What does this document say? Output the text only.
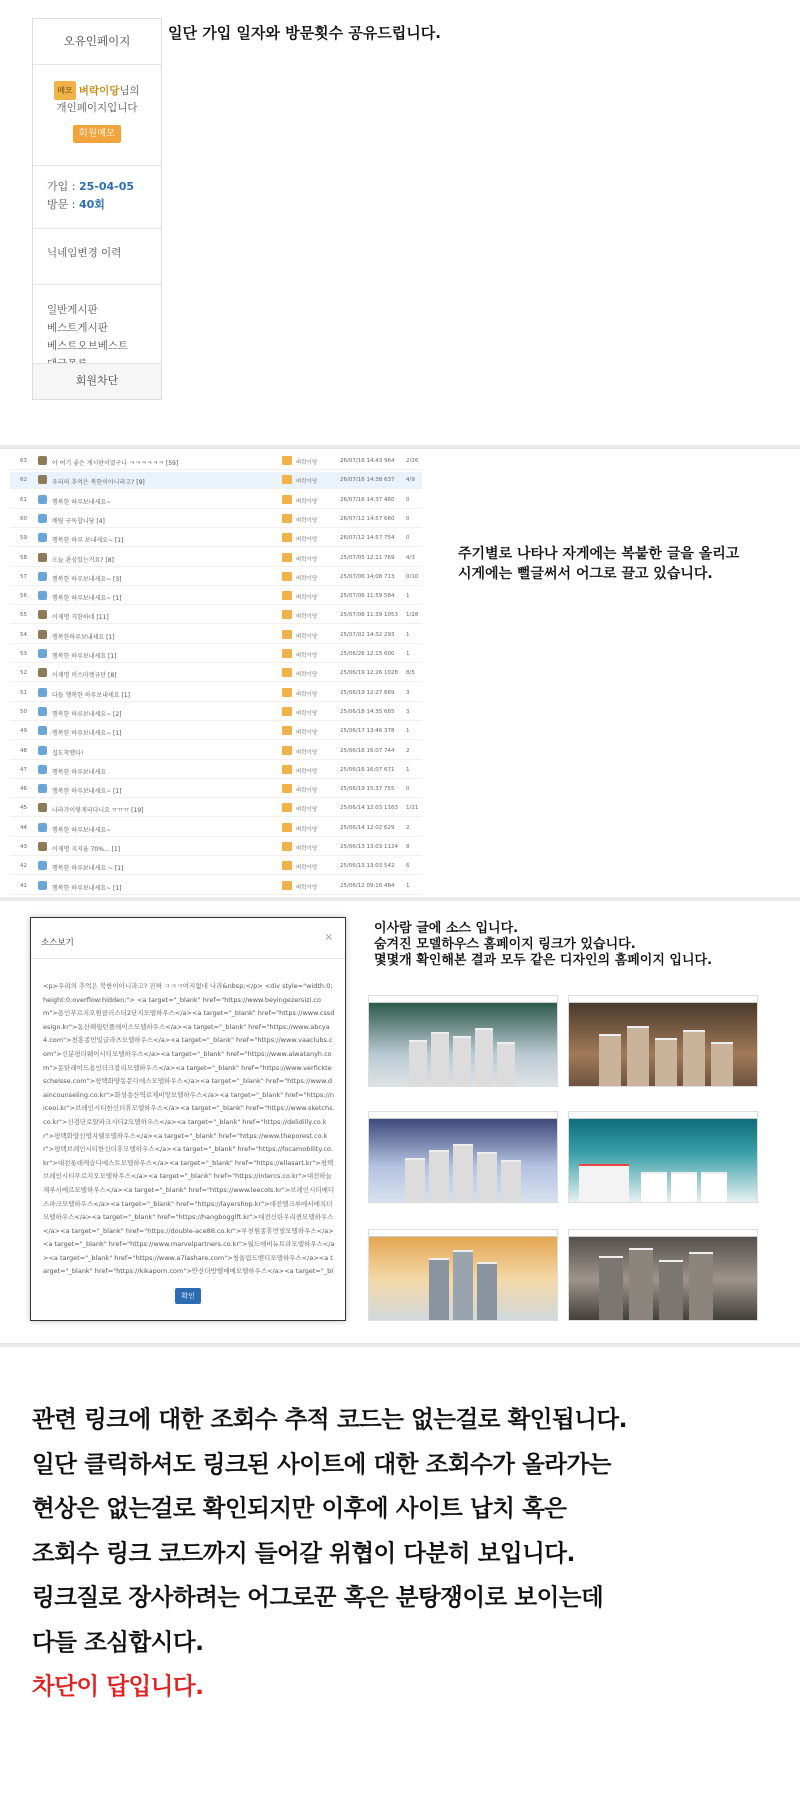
오유인페이지
메모 벼락이당님의
개인페이지입니다
회원메모
가입 : 25-04-05
방문 : 40회
닉네임변경 이력
일반게시판
베스트게시판
베스트오브베스트
회원차단
일단 가입 일자와 방문횟수 공유드립니다.
63	아 여기 좋은 게시판이였구나 ㅋㅋㅋㅋㅋㅋ [59]	벼락이당	26/07/16 14:43 964 2/26
62	우리의 추억은 북한이아니라고? [9]	벼락이당	26/07/16 14:38 637 4/9
61	행복한 하루보내세요~	벼락이당	26/07/16 14:37 460 0
60	배팀 구독합니당 [4]	벼락이당	26/07/12 14:57 660 0
59	행복한 하루 보내세요~ [1]	벼락이당	26/07/12 14:57 754 0
58	오늘 관심있는거요? [8]	벼락이당	25/07/05 12:11 769 4/3
57	행복한 하루보내세요~ [3]	벼락이당	25/07/06 14:08 713 0/10
56	행복한 하루보내세요~ [1]	벼락이당	25/07/06 11:59 584 1
55	이재명 거한하네 [11]	벼락이당	25/07/06 11:39 1053 1/28
54	행복한하루보내세요 [1]	벼락이당	25/07/02 14:32 293 1
53	행복한 하루보내세요 [1]	벼락이당	25/06/26 12:15 600 1
52	이재명 미스마켓규탄 [8]	벼락이당	25/06/19 12:26 1028 8/5
51	다들 행복한 하루보내세요 [1]	벼락이당	25/06/19 12:27 669 3
50	행복한 하루보내세요~ [2]	벼락이당	25/06/18 14:35 665 3
49	행복한 하루보내세요~ [1]	벼락이당	25/06/17 13:46 378 1
48	집도착했다!	벼락이당	25/06/16 16:07 744 2
47	행복한 하루보내세요	벼락이당	25/06/16 16:07 671 1
46	행복한 하루보내세요~ [1]	벼락이당	25/06/19 15:37 755 0
45	나라가이렇게되다니요 ㅠㅠㅠ [19]	벼락이당	25/06/14 12:03 1163 1/21
44	행복한 하루보내세요~	벼락이당	25/06/14 12:02 629 2
43	이재명 지지율 70%... [1]	벼락이당	25/06/13 13:03 1124 8
42	행복한 하루보내세요 ~ [1]	벼락이당	25/06/13 13:03 542 6
41	행복한 하루보내세요~ [1]	벼락이당	25/06/12 09:16 484 1
주기별로 나타나 자게에는 복붙한 글을 올리고
시게에는 뻘글써서 어그로 끌고 있습니다.
소스보기	×
<p>우리의 추억은 북한이아니라고? 진짜 ㅋㅋㅋ여지없네 나라&nbsp;</p> <div style="width:0;height:0;overflow:hidden;"> <a target="_blank" href="https://www.beyingezersizi.com">용인푸르지오원클러스터2단지모델하우스</a><a target="_blank" href="https://www.cssdesign.kr">동산해링턴플레이스모델하우스</a><a target="_blank" href="https://www.abcya4.com">천홍종민밀글라츠모델하우스</a><a target="_blank" href="https://www.vaaclubs.com">신분평더웨이시티모델하우스</a><a target="_blank" href="https://www.alwatanyh.com">동탄레이드용인더크블리모델하우스</a><a target="_blank" href="https://www.verfickteschelsse.com">평택화양동문디에스모델하우스</a><a target="_blank" href="https://www.daincounseling.co.kr">화성송산역로제비앙모델하우스</a><a target="_blank" href="https://niceoi.kr">브레인시티한신더휴모델하우스</a><a target="_blank" href="https://www.sketchs.co.kr">신검단로얄파크시티2모델하우스</a><a target="_blank" href="https://delidilly.co.kr">평택화양신영지웰모델하우스</a><a target="_blank" href="https://www.theporest.co.kr">평택브레인시티한신더휴모델하우스</a><a target="_blank" href="https://focamobility.co.kr">대전롯데캐슬디에스트모델하우스</a><a target="_blank" href="https://ellasart.kr">평택브레인시티푸르지오모델하우스</a><a target="_blank" href="https://intercs.co.kr">대전하늘채루시에르모델하우스</a><a target="_blank" href="https://www.leecols.kr">브레인시티메디스파크모델하우스</a><a target="_blank" href="https://layershop.kr">대전엘크루에서에치더모델하우스</a><a target="_blank" href="https://hangbogglft.kr">대전신탄우리퀸모델하우스</a><a target="_blank" href="https://double-ace88.co.kr">부천원종휴먼빌모델하우스</a><a target="_blank" href="https://www.marvelpartners.co.kr">월드애비뉴트라모델하우스</a><a target="_blank" href="https://www.a7lashare.com">청울림드벤티모델하우스</a><a target="_blank" href="https://kikaporn.com">안산더방텔매매모델하우스</a><a target="_bl
확인
이사람 글에 소스 입니다.
숨겨진 모델하우스 홈페이지 링크가 있습니다.
몇몇개 확인해본 결과 모두 같은 디자인의 홈페이지 입니다.
관련 링크에 대한 조회수 추적 코드는 없는걸로 확인됩니다.
일단 클릭하셔도 링크된 사이트에 대한 조회수가 올라가는
현상은 없는걸로 확인되지만 이후에 사이트 납치 혹은
조회수 링크 코드까지 들어갈 위협이 다분히 보입니다.
링크질로 장사하려는 어그로꾼 혹은 분탕쟁이로 보이는데
다들 조심합시다.
차단이 답입니다.
